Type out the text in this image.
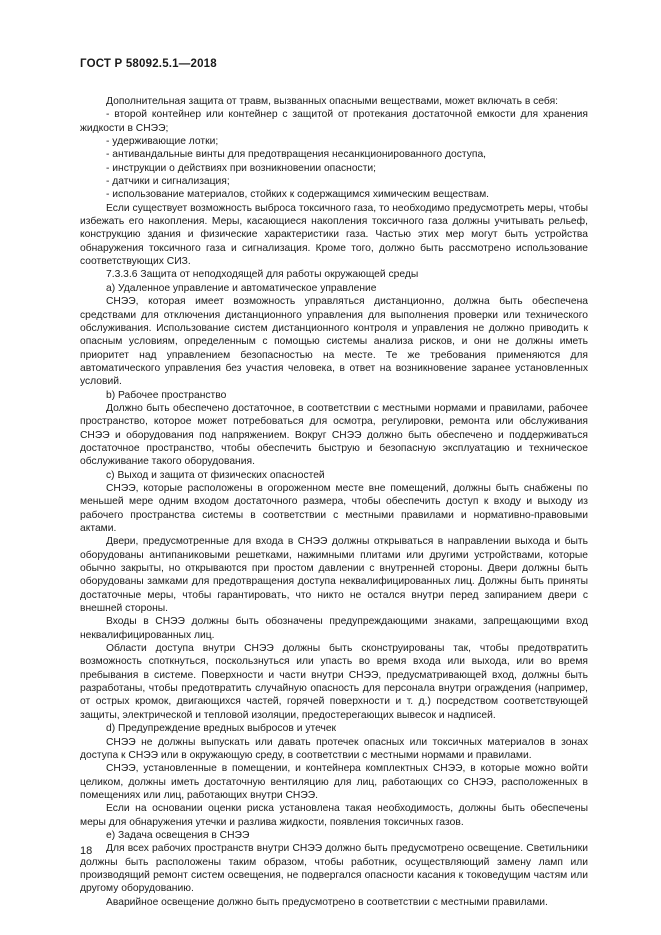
ГОСТ Р 58092.5.1—2018

Дополнительная защита от травм, вызванных опасными веществами, может включать в себя:

- второй контейнер или контейнер с защитой от протекания достаточной емкости для хранения жидкости в СНЭЭ;

- удерживающие лотки;

- антивандальные винты для предотвращения несанкционированного доступа,

- инструкции о действиях при возникновении опасности;

- датчики и сигнализация;

- использование материалов, стойких к содержащимся химическим веществам.

Если существует возможность выброса токсичного газа, то необходимо предусмотреть меры, чтобы избежать его накопления. Меры, касающиеся накопления токсичного газа должны учитывать рельеф, конструкцию здания и физические характеристики газа. Частью этих мер могут быть устройства обнаружения токсичного газа и сигнализация. Кроме того, должно быть рассмотрено использование соответствующих СИЗ.

7.3.3.6 Защита от неподходящей для работы окружающей среды

а) Удаленное управление и автоматическое управление

СНЭЭ, которая имеет возможность управляться дистанционно, должна быть обеспечена средствами для отключения дистанционного управления для выполнения проверки или технического обслуживания. Использование систем дистанционного контроля и управления не должно приводить к опасным условиям, определенным с помощью системы анализа рисков, и они не должны иметь приоритет над управлением безопасностью на месте. Те же требования применяются для автоматического управления без участия человека, в ответ на возникновение заранее установленных условий.

b) Рабочее пространство

Должно быть обеспечено достаточное, в соответствии с местными нормами и правилами, рабочее пространство, которое может потребоваться для осмотра, регулировки, ремонта или обслуживания СНЭЭ и оборудования под напряжением. Вокруг СНЭЭ должно быть обеспечено и поддерживаться достаточное пространство, чтобы обеспечить быструю и безопасную эксплуатацию и техническое обслуживание такого оборудования.

c) Выход и защита от физических опасностей

СНЭЭ, которые расположены в огороженном месте вне помещений, должны быть снабжены по меньшей мере одним входом достаточного размера, чтобы обеспечить доступ к входу и выходу из рабочего пространства системы в соответствии с местными правилами и нормативно-правовыми актами.

Двери, предусмотренные для входа в СНЭЭ должны открываться в направлении выхода и быть оборудованы антипаниковыми решетками, нажимными плитами или другими устройствами, которые обычно закрыты, но открываются при простом давлении с внутренней стороны. Двери должны быть оборудованы замками для предотвращения доступа неквалифицированных лиц. Должны быть приняты достаточные меры, чтобы гарантировать, что никто не остался внутри перед запиранием двери с внешней стороны.

Входы в СНЭЭ должны быть обозначены предупреждающими знаками, запрещающими вход неквалифицированных лиц.

Области доступа внутри СНЭЭ должны быть сконструированы так, чтобы предотвратить возможность споткнуться, поскользнуться или упасть во время входа или выхода, или во время пребывания в системе. Поверхности и части внутри СНЭЭ, предусматривающей вход, должны быть разработаны, чтобы предотвратить случайную опасность для персонала внутри ограждения (например, от острых кромок, двигающихся частей, горячей поверхности и т. д.) посредством соответствующей защиты, электрической и тепловой изоляции, предостерегающих вывесок и надписей.

d) Предупреждение вредных выбросов и утечек

СНЭЭ не должны выпускать или давать протечек опасных или токсичных материалов в зонах доступа к СНЭЭ или в окружающую среду, в соответствии с местными нормами и правилами.

СНЭЭ, установленные в помещении, и контейнера комплектных СНЭЭ, в которые можно войти целиком, должны иметь достаточную вентиляцию для лиц, работающих со СНЭЭ, расположенных в помещениях или лиц, работающих внутри СНЭЭ.

Если на основании оценки риска установлена такая необходимость, должны быть обеспечены меры для обнаружения утечки и разлива жидкости, появления токсичных газов.

e) Задача освещения в СНЭЭ

Для всех рабочих пространств внутри СНЭЭ должно быть предусмотрено освещение. Светильники должны быть расположены таким образом, чтобы работник, осуществляющий замену ламп или производящий ремонт систем освещения, не подвергался опасности касания к токоведущим частям или другому оборудованию.

Аварийное освещение должно быть предусмотрено в соответствии с местными правилами.

18
